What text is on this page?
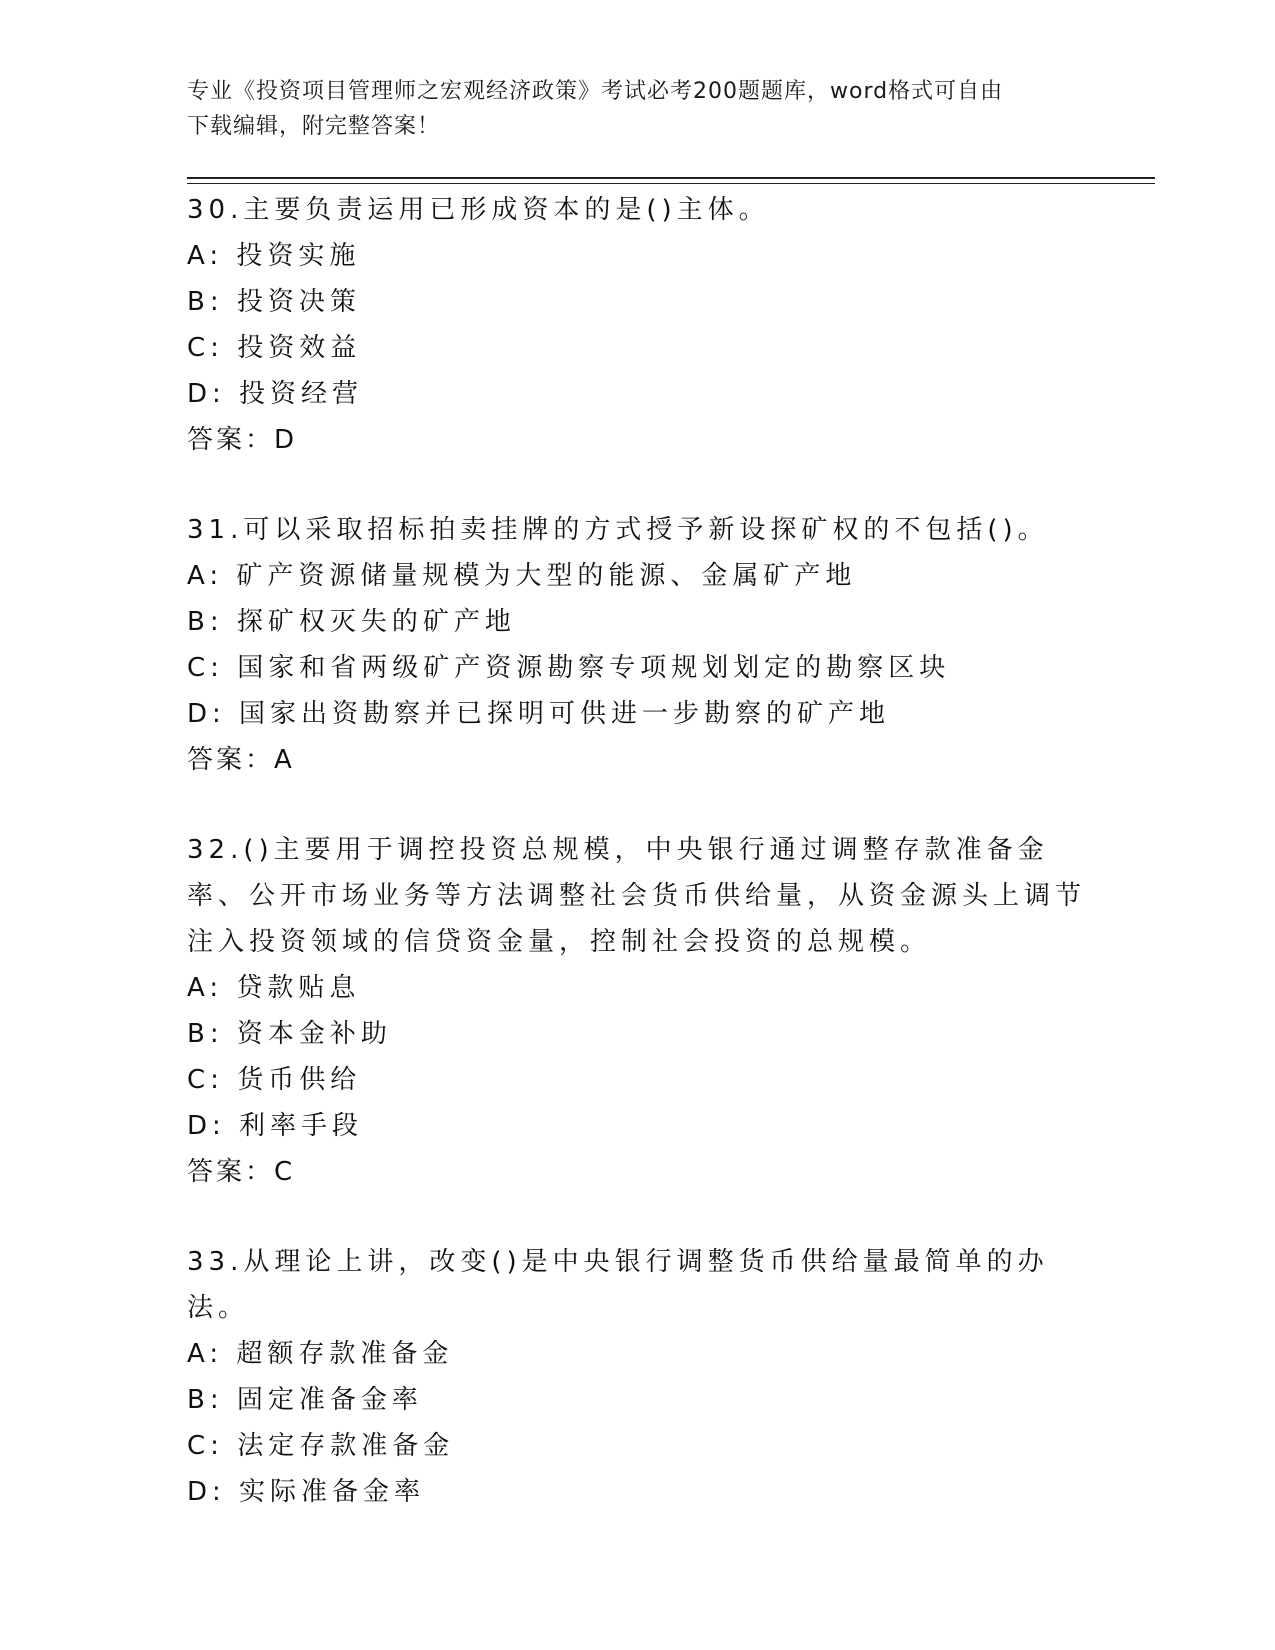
专业《投资项目管理师之宏观经济政策》考试必考200题题库，word格式可自由
下载编辑，附完整答案！
30.主要负责运用已形成资本的是()主体。
A: 投资实施
B: 投资决策
C: 投资效益
D: 投资经营
答案：D
31.可以采取招标拍卖挂牌的方式授予新设探矿权的不包括()。
A: 矿产资源储量规模为大型的能源、金属矿产地
B: 探矿权灭失的矿产地
C: 国家和省两级矿产资源勘察专项规划划定的勘察区块
D: 国家出资勘察并已探明可供进一步勘察的矿产地
答案：A
32.()主要用于调控投资总规模，中央银行通过调整存款准备金率、公开市场业务等方法调整社会货币供给量，从资金源头上调节注入投资领域的信贷资金量，控制社会投资的总规模。
A: 贷款贴息
B: 资本金补助
C: 货币供给
D: 利率手段
答案：C
33.从理论上讲，改变()是中央银行调整货币供给量最简单的办法。
A: 超额存款准备金
B: 固定准备金率
C: 法定存款准备金
D: 实际准备金率
